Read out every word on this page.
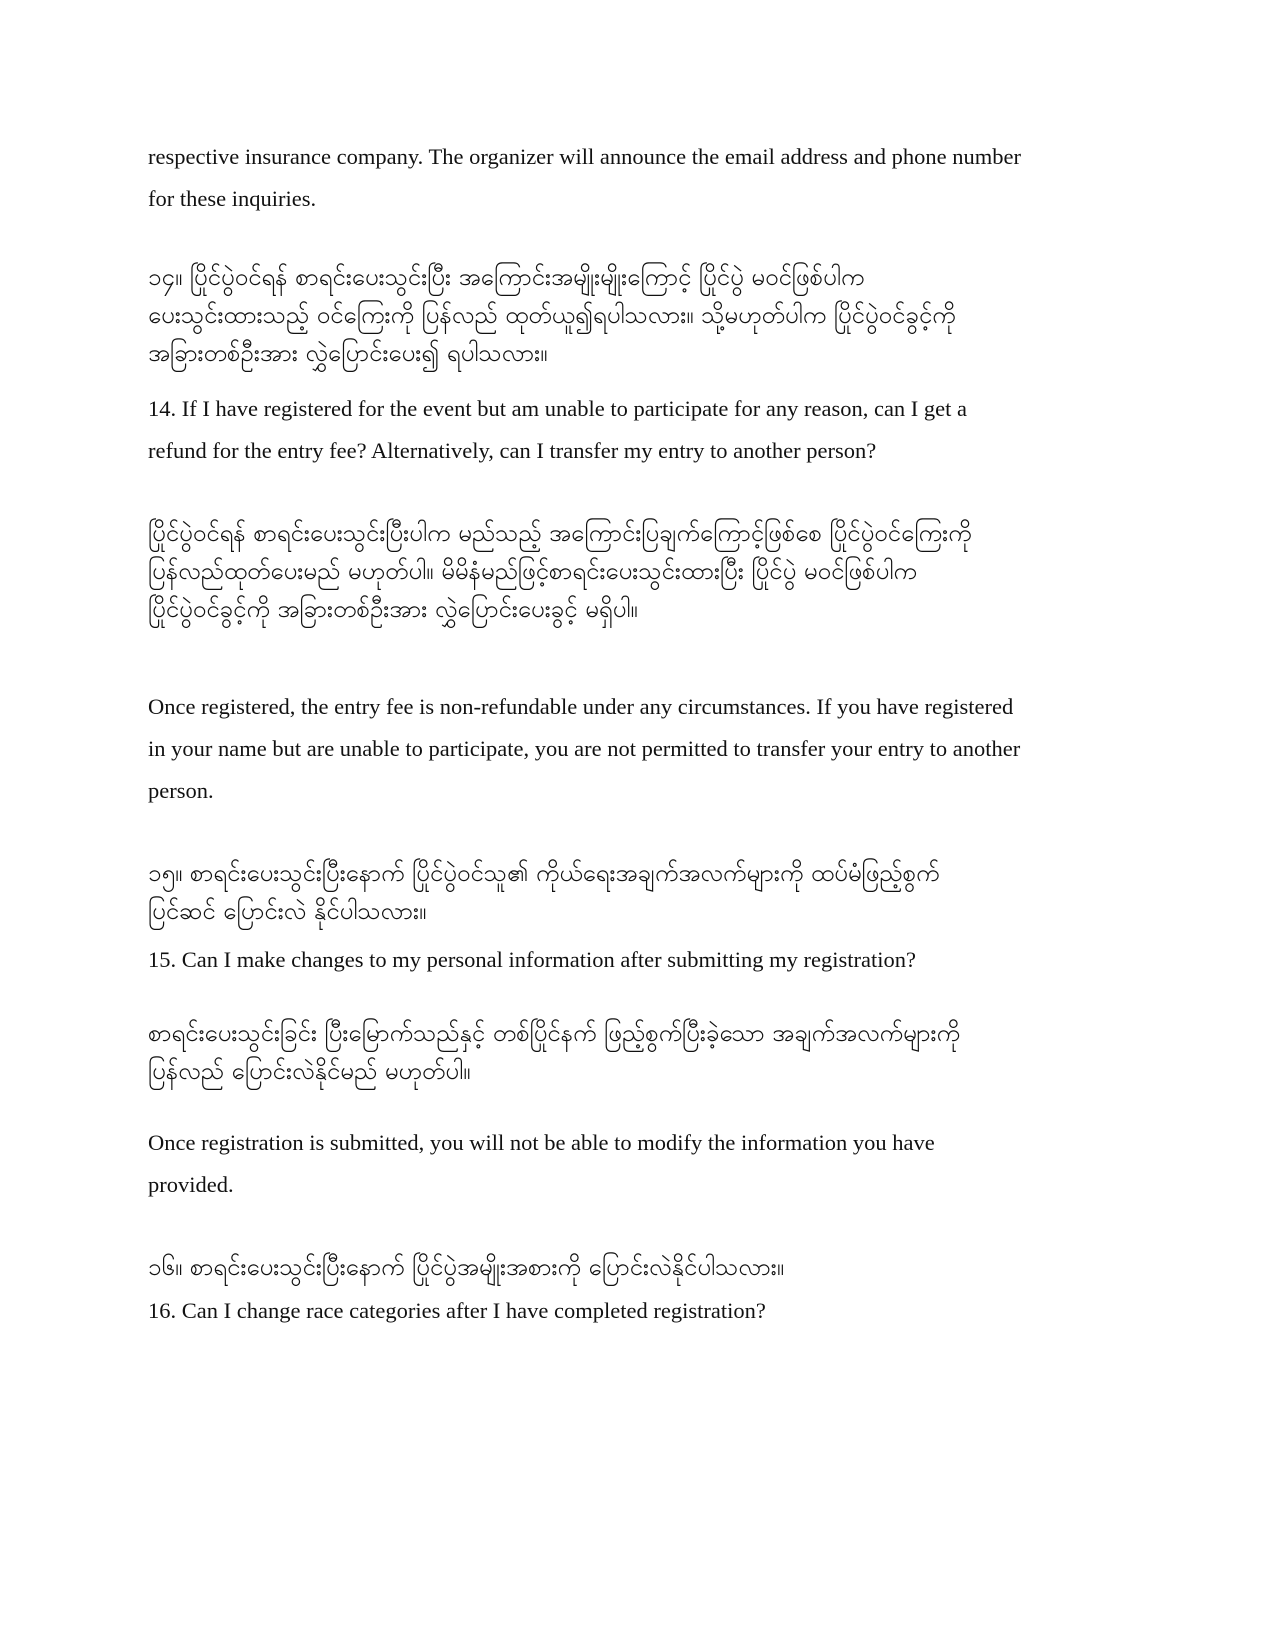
respective insurance company. The organizer will announce the email address and phone number
for these inquiries.

၁၄။ ပြိုင်ပွဲဝင်ရန် စာရင်းပေးသွင်းပြီး အကြောင်းအမျိုးမျိုးကြောင့် ပြိုင်ပွဲ မဝင်ဖြစ်ပါက
ပေးသွင်းထားသည့် ဝင်ကြေးကို ပြန်လည် ထုတ်ယူ၍ရပါသလား။ သို့မဟုတ်ပါက ပြိုင်ပွဲဝင်ခွင့်ကို
အခြားတစ်ဦးအား လွှဲပြောင်းပေး၍ ရပါသလား။

14. If I have registered for the event but am unable to participate for any reason, can I get a
refund for the entry fee? Alternatively, can I transfer my entry to another person?

ပြိုင်ပွဲဝင်ရန် စာရင်းပေးသွင်းပြီးပါက မည်သည့် အကြောင်းပြချက်ကြောင့်ဖြစ်စေ ပြိုင်ပွဲဝင်ကြေးကို
ပြန်လည်ထုတ်ပေးမည် မဟုတ်ပါ။ မိမိနံမည်ဖြင့်စာရင်းပေးသွင်းထားပြီး ပြိုင်ပွဲ မဝင်ဖြစ်ပါက
ပြိုင်ပွဲဝင်ခွင့်ကို အခြားတစ်ဦးအား လွှဲပြောင်းပေးခွင့် မရှိပါ။

Once registered, the entry fee is non-refundable under any circumstances. If you have registered
in your name but are unable to participate, you are not permitted to transfer your entry to another
person.

၁၅။ စာရင်းပေးသွင်းပြီးနောက် ပြိုင်ပွဲဝင်သူ၏ ကိုယ်ရေးအချက်အလက်များကို ထပ်မံဖြည့်စွက်
ပြင်ဆင် ပြောင်းလဲ နိုင်ပါသလား။

15. Can I make changes to my personal information after submitting my registration?

စာရင်းပေးသွင်းခြင်း ပြီးမြောက်သည်နှင့် တစ်ပြိုင်နက် ဖြည့်စွက်ပြီးခဲ့သော အချက်အလက်များကို
ပြန်လည် ပြောင်းလဲနိုင်မည် မဟုတ်ပါ။

Once registration is submitted, you will not be able to modify the information you have
provided.

၁၆။ စာရင်းပေးသွင်းပြီးနောက် ပြိုင်ပွဲအမျိုးအစားကို ပြောင်းလဲနိုင်ပါသလား။

16. Can I change race categories after I have completed registration?
